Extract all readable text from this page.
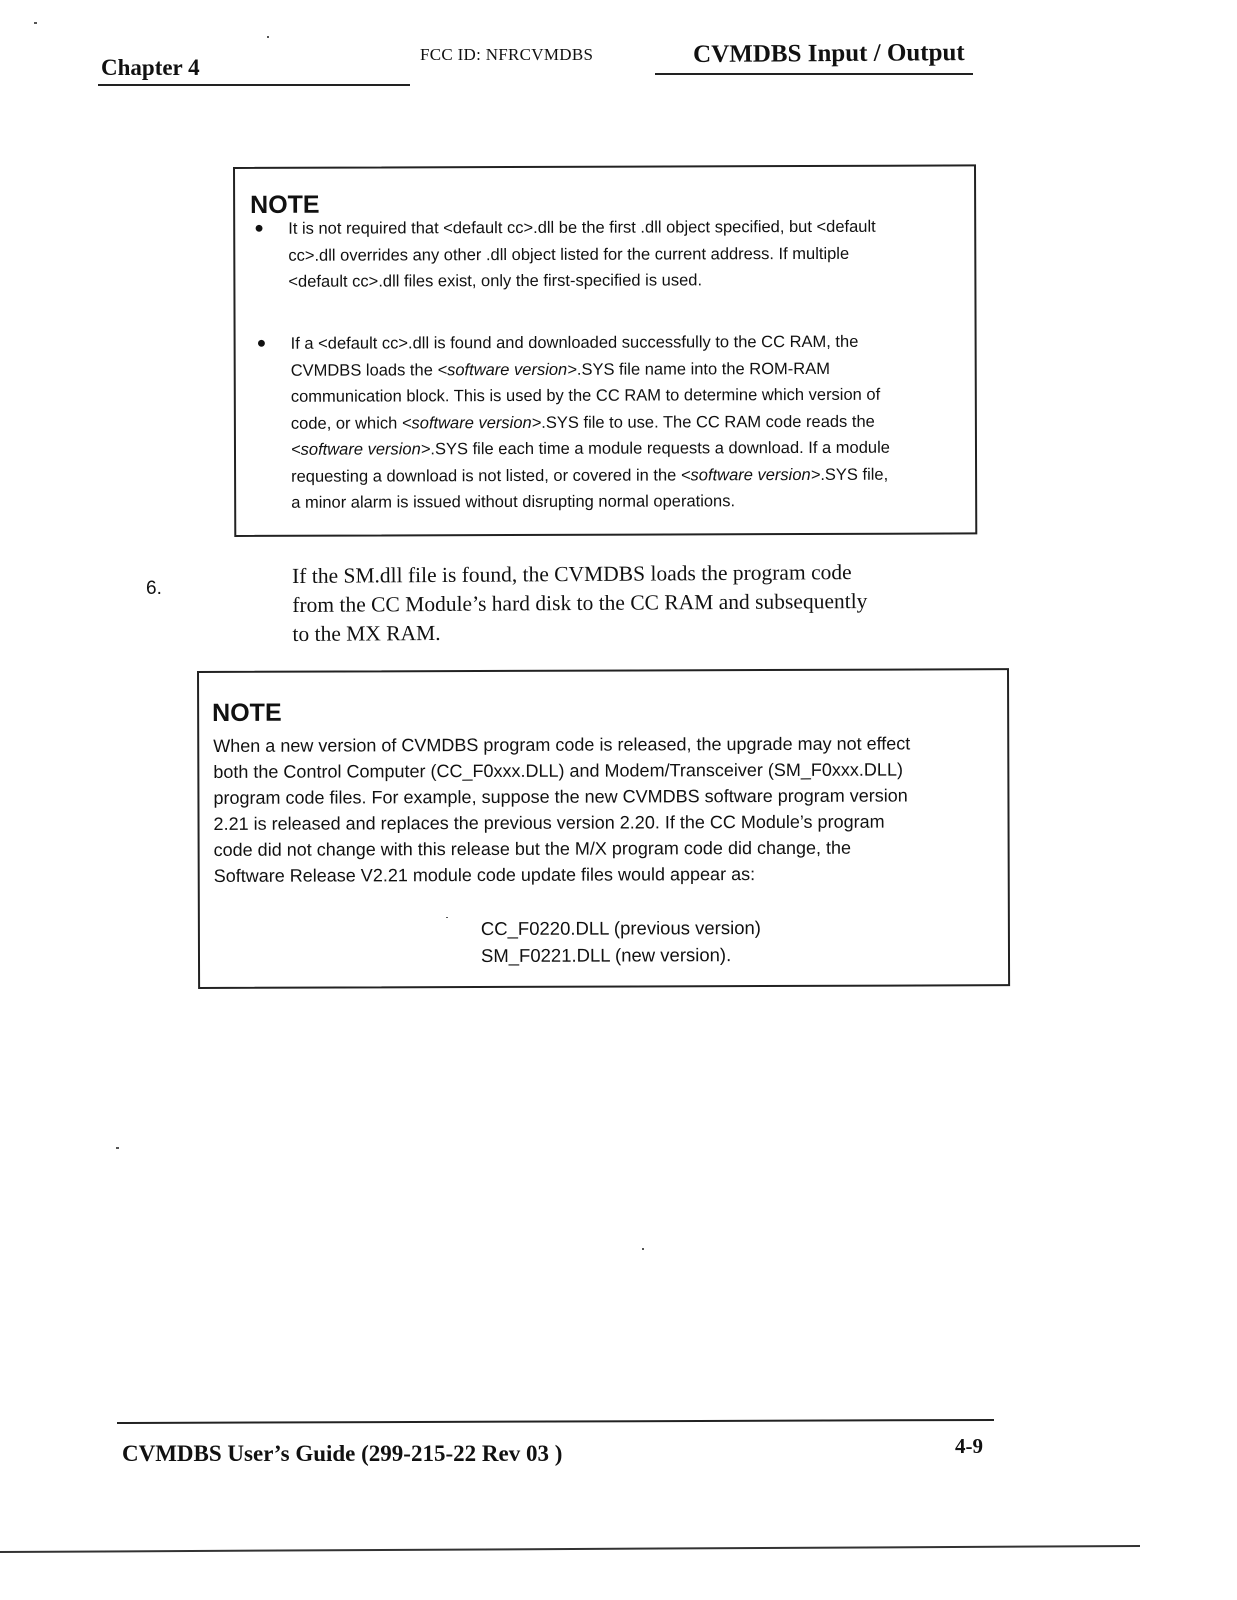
Chapter 4
FCC ID: NFRCVMDBS	CVMDBS Input / Output
NOTE
● It is not required that <default cc>.dll be the first .dll object specified, but <default
cc>.dll overrides any other .dll object listed for the current address. If multiple
<default cc>.dll files exist, only the first-specified is used.
● If a <default cc>.dll is found and downloaded successfully to the CC RAM, the
CVMDBS loads the <software version>.SYS file name into the ROM-RAM
communication block. This is used by the CC RAM to determine which version of
code, or which <software version>.SYS file to use. The CC RAM code reads the
<software version>.SYS file each time a module requests a download. If a module
requesting a download is not listed, or covered in the <software version>.SYS file,
a minor alarm is issued without disrupting normal operations.
6.
If the SM.dll file is found, the CVMDBS loads the program code
from the CC Module’s hard disk to the CC RAM and subsequently
to the MX RAM.
NOTE
When a new version of CVMDBS program code is released, the upgrade may not effect
both the Control Computer (CC_F0xxx.DLL) and Modem/Transceiver (SM_F0xxx.DLL)
program code files. For example, suppose the new CVMDBS software program version
2.21 is released and replaces the previous version 2.20. If the CC Module’s program
code did not change with this release but the M/X program code did change, the
Software Release V2.21 module code update files would appear as:
CC_F0220.DLL (previous version)
SM_F0221.DLL (new version).
CVMDBS User’s Guide (299-215-22 Rev 03 )	4-9
